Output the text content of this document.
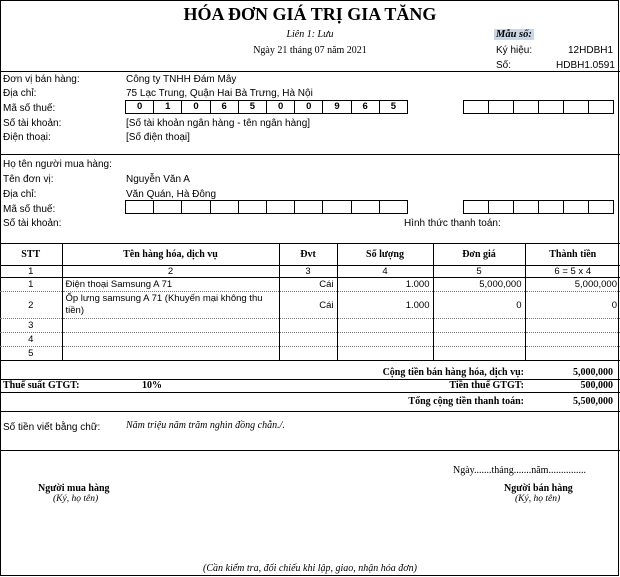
HÓA ĐƠN GIÁ TRỊ GIA TĂNG
Liên 1: Lưu
Ngày 21 tháng 07 năm 2021
Mẫu số:
Ký hiệu:	12HDBH1
Số:	HDBH1.0591
Đơn vị bán hàng:	Công ty TNHH Đám Mây
Địa chỉ:	75 Lạc Trung, Quận Hai Bà Trưng, Hà Nội
Mã số thuế:	0	1	0	6	5	0	0	9	6	5
Số tài khoản:	[Số tài khoản ngân hàng - tên ngân hàng]
Điện thoại:	[Số điện thoại]
Họ tên người mua hàng:
Tên đơn vị:	Nguyễn Văn A
Địa chỉ:	Văn Quán, Hà Đông
Mã số thuế:
Số tài khoản:	Hình thức thanh toán:
STT	Tên hàng hóa, dịch vụ	Đvt	Số lượng	Đơn giá	Thành tiền
1	2	3	4	5	6 = 5 x 4
1	Điện thoại Samsung A 71	Cái	1.000	5,000,000	5,000,000
2	Ốp lưng samsung A 71 (Khuyến mại không thu tiền)	Cái	1.000	0	0
3					
4					
5					
Cộng tiền bán hàng hóa, dịch vụ:	5,000,000
Thuế suất GTGT:	10%	Tiền thuế GTGT:	500,000
Tổng cộng tiền thanh toán:	5,500,000
Số tiền viết bằng chữ:	Năm triệu năm trăm nghìn đồng chẵn./.
Ngày.......tháng.......năm...............
Người mua hàng
(Ký, họ tên)
Người bán hàng
(Ký, họ tên)
(Cần kiểm tra, đối chiếu khi lập, giao, nhận hóa đơn)
